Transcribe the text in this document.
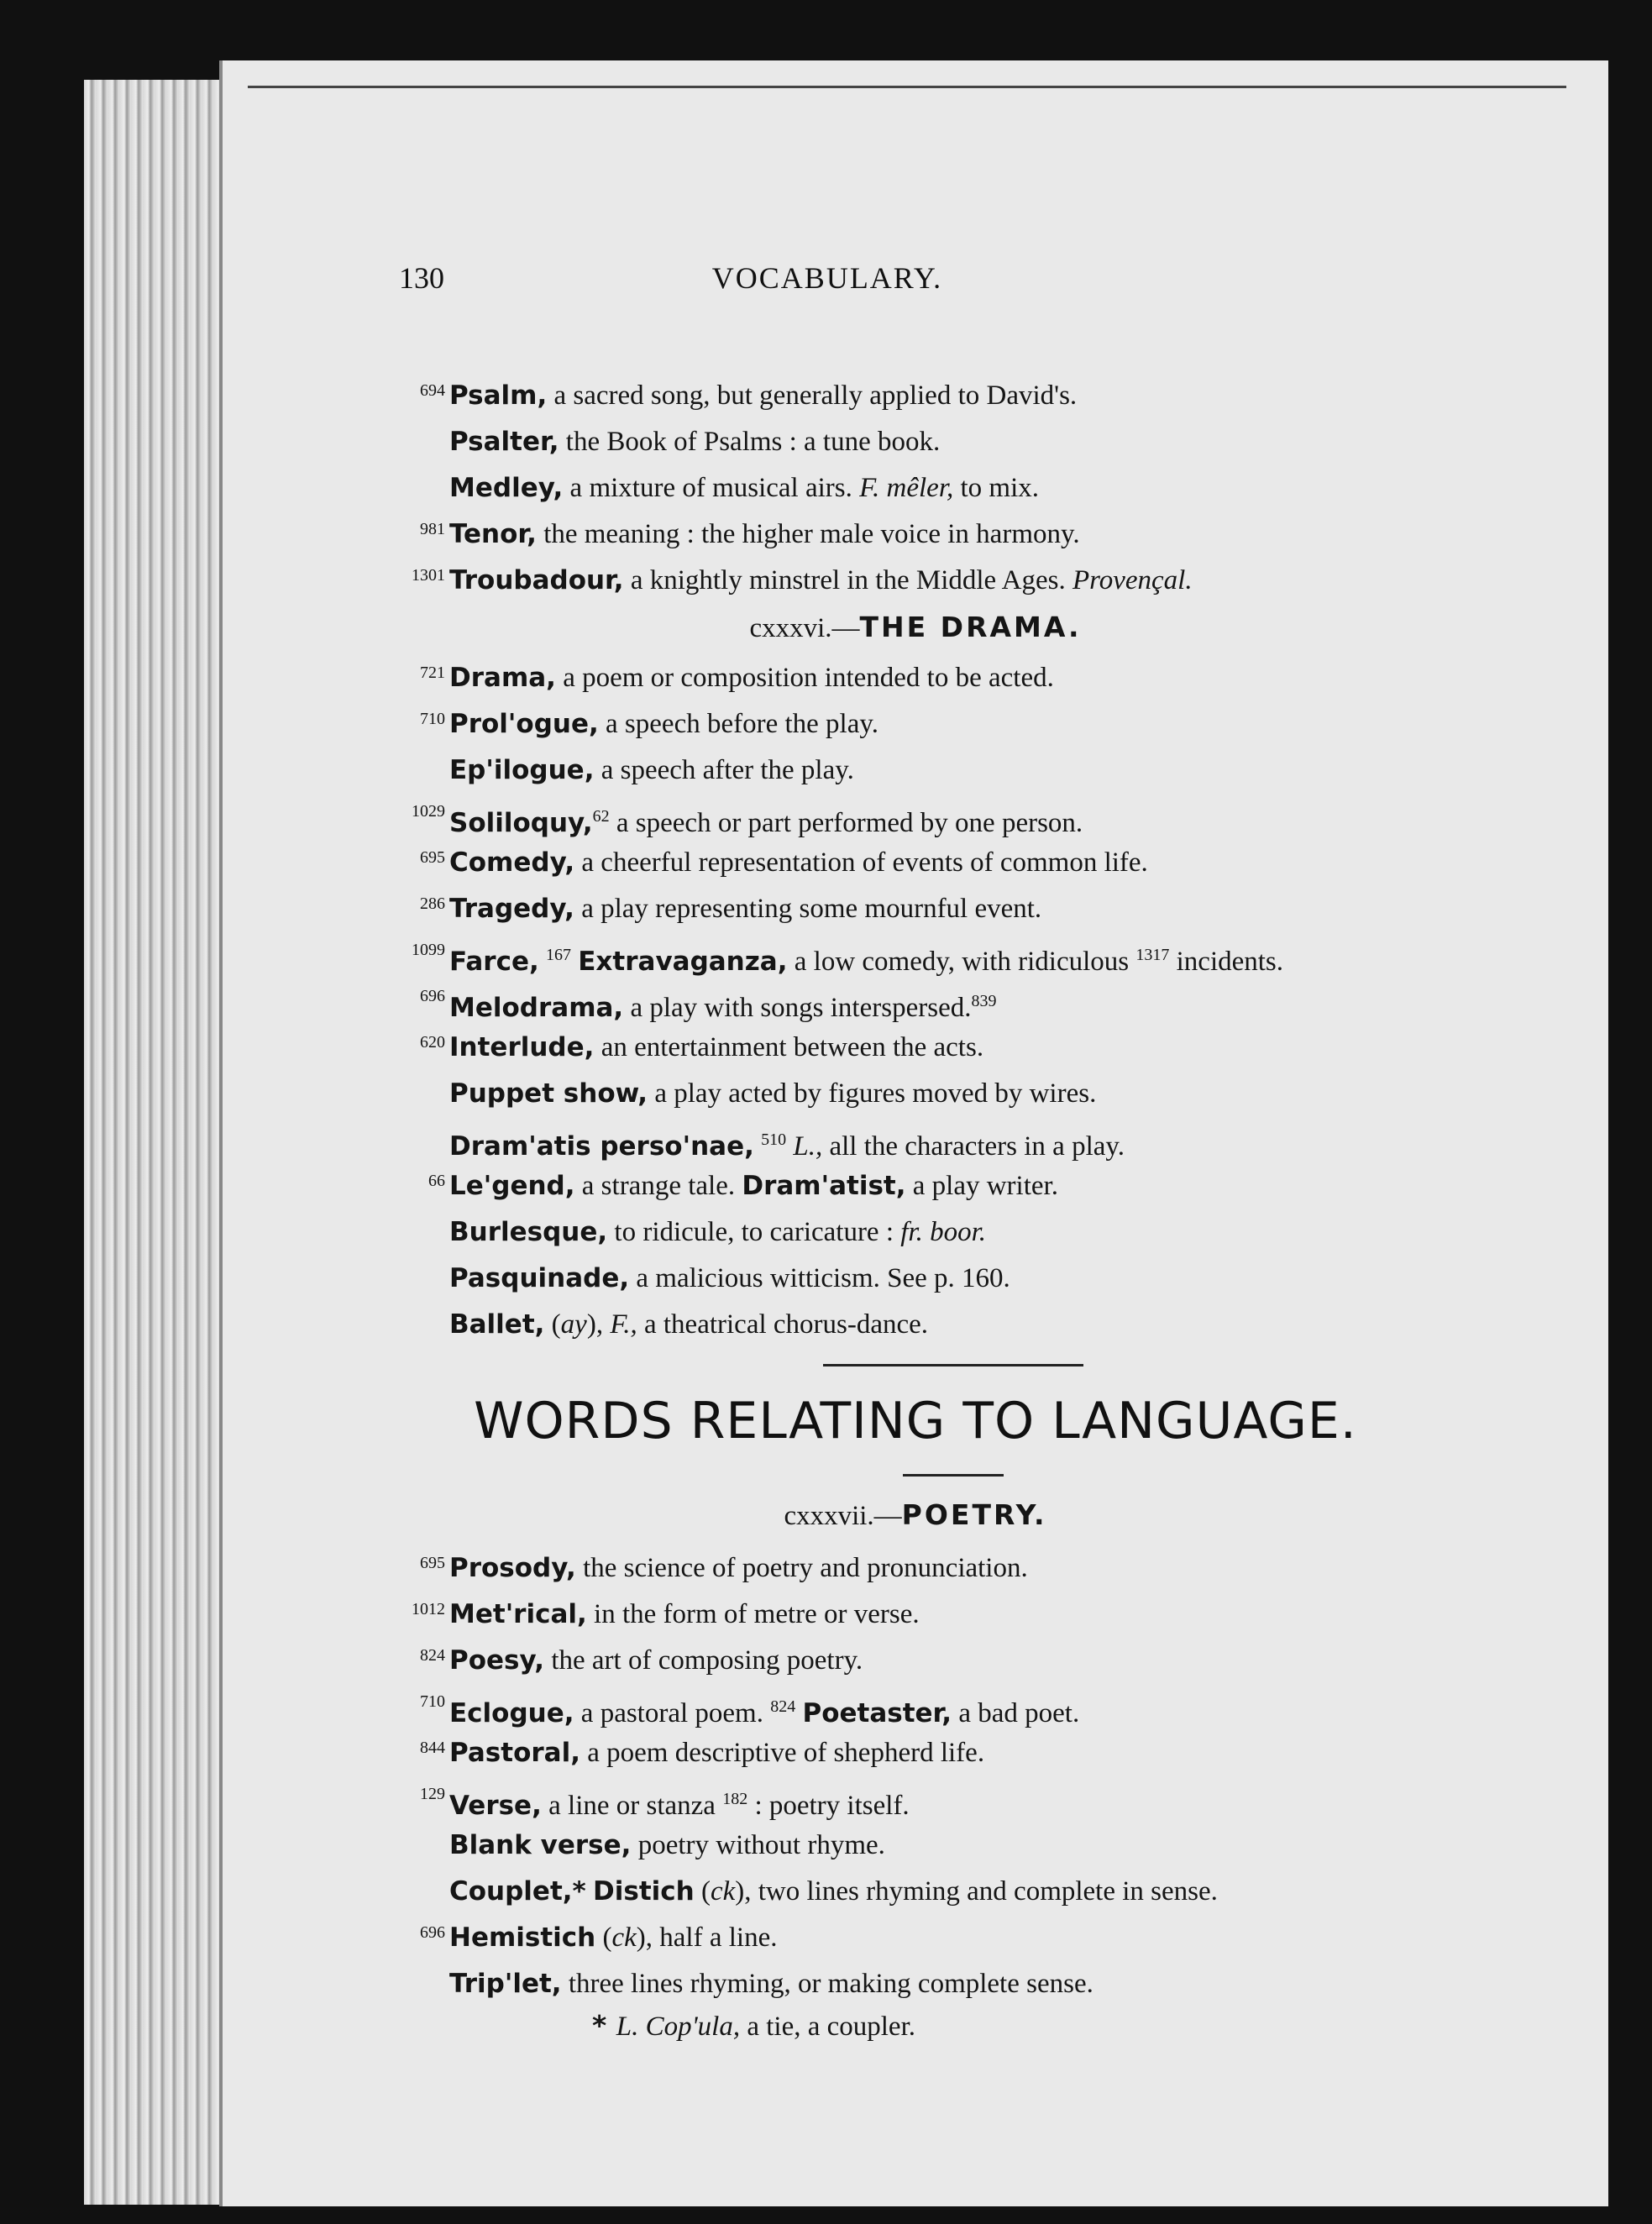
130	VOCABULARY.
694 Psalm, a sacred song, but generally applied to David's.
Psalter, the Book of Psalms : a tune book.
Medley, a mixture of musical airs. F. mêler, to mix.
981 Tenor, the meaning : the higher male voice in harmony.
1301 Troubadour, a knightly minstrel in the Middle Ages. Provençal.
cxxxvi.—THE DRAMA.
721 Drama, a poem or composition intended to be acted.
710 Prol'ogue, a speech before the play.
Ep'ilogue, a speech after the play.
1029 Soliloquy,$^{62}$ a speech or part performed by one person.
695 Comedy, a cheerful representation of events of common life.
286 Tragedy, a play representing some mournful event.
1099 Farce, $^{167}$ Extravaganza, a low comedy, with ridiculous $^{1317}$ incidents.
696 Melodrama, a play with songs interspersed.$^{839}$
620 Interlude, an entertainment between the acts.
Puppet show, a play acted by figures moved by wires.
Dram'atis perso'nae, $^{510}$ L., all the characters in a play.
66 Le'gend, a strange tale. Dram'atist, a play writer.
Burlesque, to ridicule, to caricature : fr. boor.
Pasquinade, a malicious witticism. See p. 160.
Ballet, (ay), F., a theatrical chorus-dance.
WORDS RELATING TO LANGUAGE.
cxxxvii.—POETRY.
695 Prosody, the science of poetry and pronunciation.
1012 Met'rical, in the form of metre or verse.
824 Poesy, the art of composing poetry.
710 Eclogue, a pastoral poem. $^{824}$ Poetaster, a bad poet.
844 Pastoral, a poem descriptive of shepherd life.
129 Verse, a line or stanza $^{182}$ : poetry itself.
Blank verse, poetry without rhyme.
Couplet,* Distich (ck), two lines rhyming and complete in sense.
696 Hemistich (ck), half a line.
Trip'let, three lines rhyming, or making complete sense.
* L. Cop'ula, a tie, a coupler.
